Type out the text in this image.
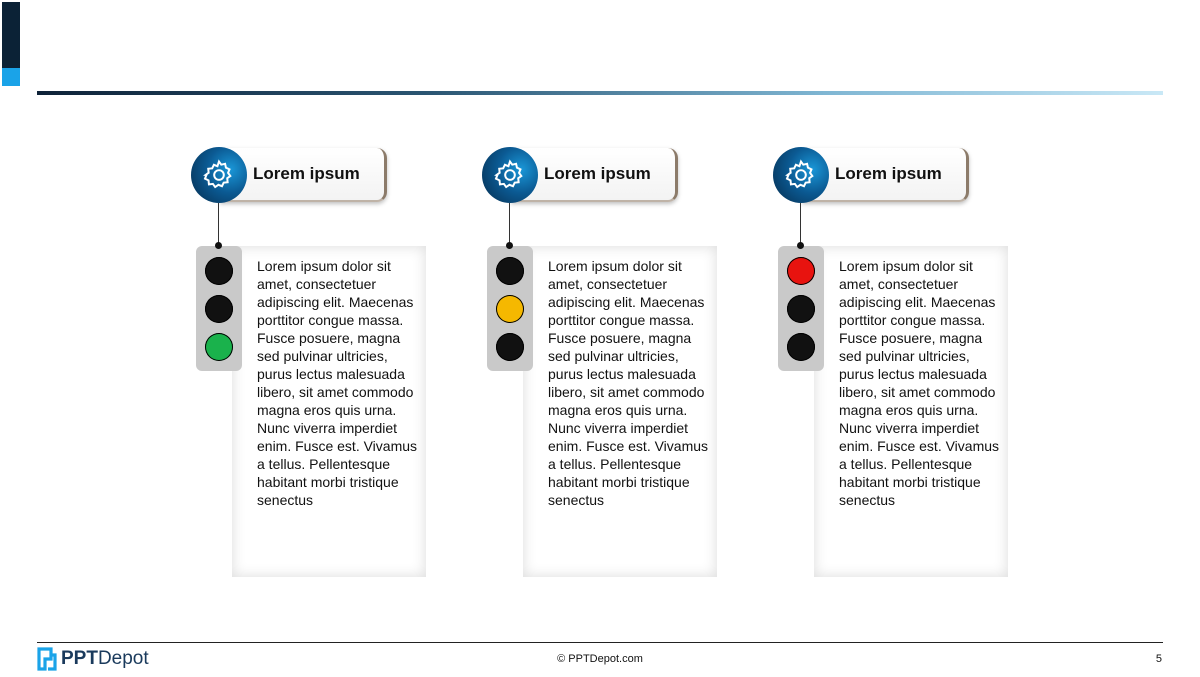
Lorem ipsum
Lorem ipsum dolor sit amet, consectetuer adipiscing elit. Maecenas porttitor congue massa. Fusce posuere, magna sed pulvinar ultricies, purus lectus malesuada libero, sit amet commodo magna eros quis urna. Nunc viverra imperdiet enim. Fusce est. Vivamus a tellus. Pellentesque habitant morbi tristique senectus
Lorem ipsum
Lorem ipsum dolor sit amet, consectetuer adipiscing elit. Maecenas porttitor congue massa. Fusce posuere, magna sed pulvinar ultricies, purus lectus malesuada libero, sit amet commodo magna eros quis urna. Nunc viverra imperdiet enim. Fusce est. Vivamus a tellus. Pellentesque habitant morbi tristique senectus
Lorem ipsum
Lorem ipsum dolor sit amet, consectetuer adipiscing elit. Maecenas porttitor congue massa. Fusce posuere, magna sed pulvinar ultricies, purus lectus malesuada libero, sit amet commodo magna eros quis urna. Nunc viverra imperdiet enim. Fusce est. Vivamus a tellus. Pellentesque habitant morbi tristique senectus
PPTDepot	© PPTDepot.com	5
